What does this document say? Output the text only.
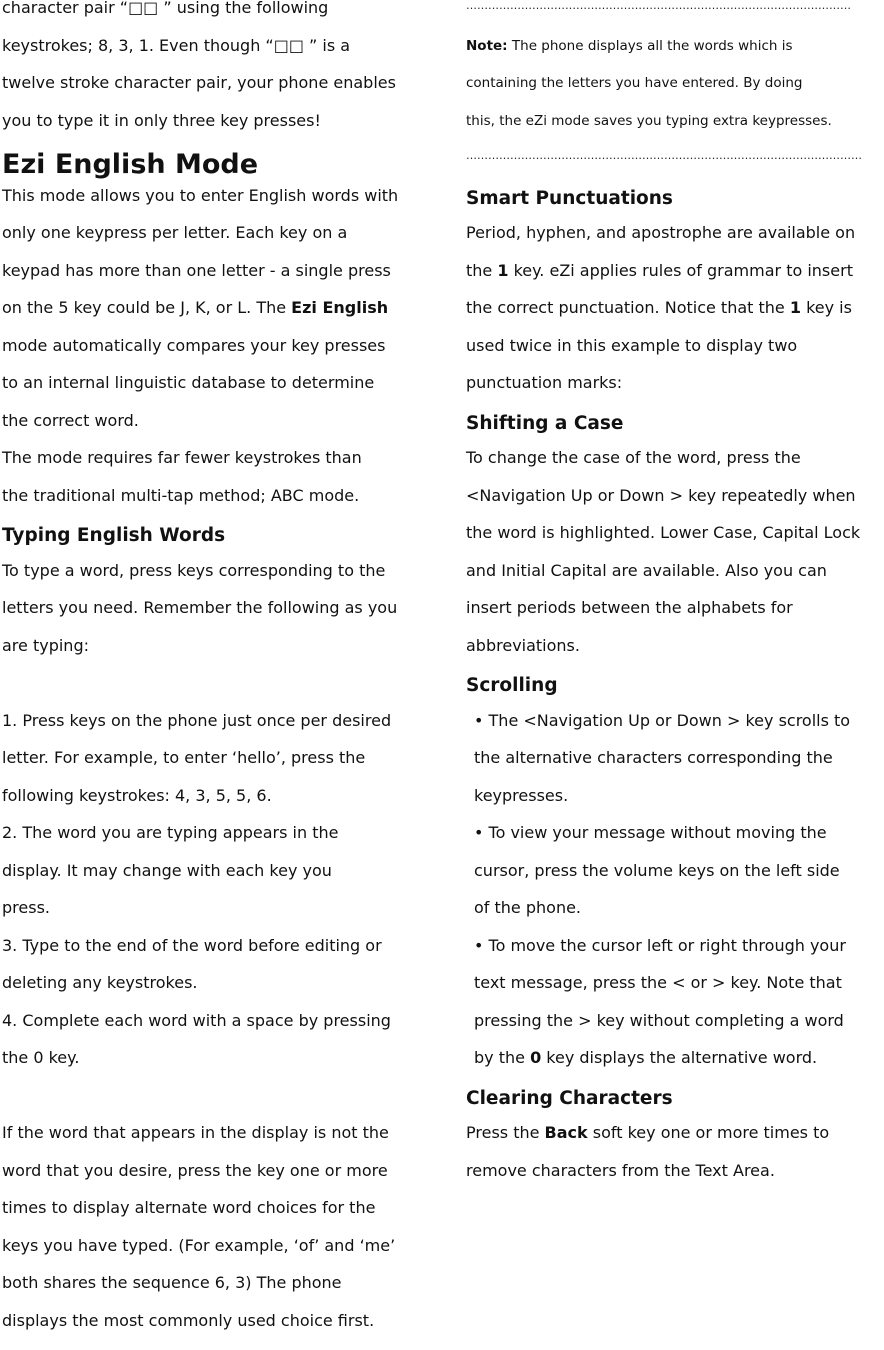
character pair “□□ ” using the following
keystrokes; 8, 3, 1. Even though “□□ ” is a
twelve stroke character pair, your phone enables
you to type it in only three key presses!
Ezi English Mode
This mode allows you to enter English words with
only one keypress per letter. Each key on a
keypad has more than one letter - a single press
on the 5 key could be J, K, or L. The Ezi English
mode automatically compares your key presses
to an internal linguistic database to determine
the correct word.
The mode requires far fewer keystrokes than
the traditional multi-tap method; ABC mode.
Typing English Words
To type a word, press keys corresponding to the
letters you need. Remember the following as you
are typing:
1. Press keys on the phone just once per desired
letter. For example, to enter ‘hello’, press the
following keystrokes: 4, 3, 5, 5, 6.
2. The word you are typing appears in the
display. It may change with each key you
press.
3. Type to the end of the word before editing or
deleting any keystrokes.
4. Complete each word with a space by pressing
the 0 key.
If the word that appears in the display is not the
word that you desire, press the key one or more
times to display alternate word choices for the
keys you have typed. (For example, ‘of’ and ‘me’
both shares the sequence 6, 3) The phone
displays the most commonly used choice first.
……………………………………………………………………………………………
Note: The phone displays all the words which is
containing the letters you have entered. By doing
this, the eZi mode saves you typing extra keypresses.
………………………………………………………………………………………………
Smart Punctuations
Period, hyphen, and apostrophe are available on
the 1 key. eZi applies rules of grammar to insert
the correct punctuation. Notice that the 1 key is
used twice in this example to display two
punctuation marks:
Shifting a Case
To change the case of the word, press the
<Navigation Up or Down > key repeatedly when
the word is highlighted. Lower Case, Capital Lock
and Initial Capital are available. Also you can
insert periods between the alphabets for
abbreviations.
Scrolling
• The <Navigation Up or Down > key scrolls to
the alternative characters corresponding the
keypresses.
• To view your message without moving the
cursor, press the volume keys on the left side
of the phone.
• To move the cursor left or right through your
text message, press the < or > key. Note that
pressing the > key without completing a word
by the 0 key displays the alternative word.
Clearing Characters
Press the Back soft key one or more times to
remove characters from the Text Area.
